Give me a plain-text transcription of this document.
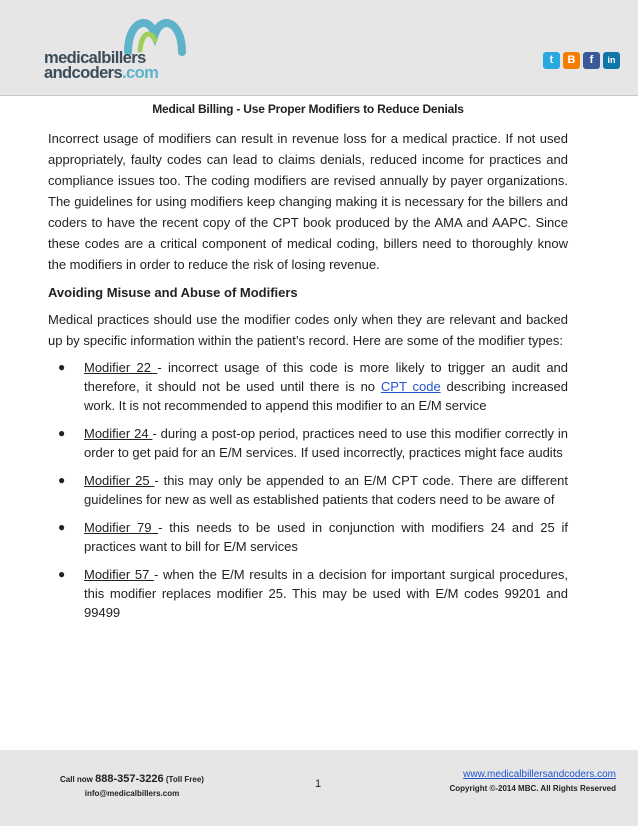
medicalbillers
andcoders.com
t	B	f	in
Medical Billing - Use Proper Modifiers to Reduce Denials

Incorrect usage of modifiers can result in revenue loss for a medical practice. If not used appropriately, faulty codes can lead to claims denials, reduced income for practices and compliance issues too. The coding modifiers are revised annually by payer organizations. The guidelines for using modifiers keep changing making it is necessary for the billers and coders to have the recent copy of the CPT book produced by the AMA and AAPC. Since these codes are a critical component of medical coding, billers need to thoroughly know the modifiers in order to reduce the risk of losing revenue.

Avoiding Misuse and Abuse of Modifiers

Medical practices should use the modifier codes only when they are relevant and backed up by specific information within the patient’s record. Here are some of the modifier types:

● Modifier 22 - incorrect usage of this code is more likely to trigger an audit and therefore, it should not be used until there is no CPT code describing increased work. It is not recommended to append this modifier to an E/M service
● Modifier 24 - during a post-op period, practices need to use this modifier correctly in order to get paid for an E/M services. If used incorrectly, practices might face audits
● Modifier 25 - this may only be appended to an E/M CPT code. There are different guidelines for new as well as established patients that coders need to be aware of
● Modifier 79 - this needs to be used in conjunction with modifiers 24 and 25 if practices want to bill for E/M services
● Modifier 57 - when the E/M results in a decision for important surgical procedures, this modifier replaces modifier 25. This may be used with E/M codes 99201 and 99499
Call now 888-357-3226 (Toll Free)
info@medicalbillers.com
1
www.medicalbillersandcoders.com
Copyright ©-2014 MBC. All Rights Reserved
